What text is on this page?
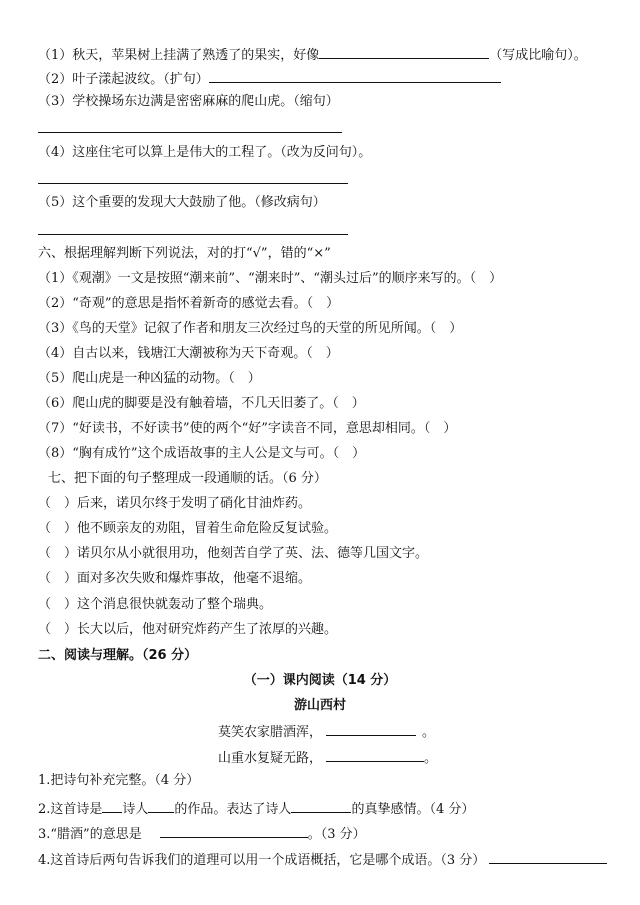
（1）秋天，苹果树上挂满了熟透了的果实，好像	（写成比喻句）。
（2）叶子漾起波纹。（扩句）
（3）学校操场东边满是密密麻麻的爬山虎。（缩句）
（4）这座住宅可以算上是伟大的工程了。（改为反问句）。
（5）这个重要的发现大大鼓励了他。（修改病句）
六、根据理解判断下列说法，对的打“√”，错的“×”
（1）《观潮》一文是按照“潮来前”、“潮来时”、“潮头过后”的顺序来写的。（　）
（2）“奇观”的意思是指怀着新奇的感觉去看。（　）
（3）《鸟的天堂》记叙了作者和朋友三次经过鸟的天堂的所见所闻。（　）
（4）自古以来，钱塘江大潮被称为天下奇观。（　）
（5）爬山虎是一种凶猛的动物。（　）
（6）爬山虎的脚要是没有触着墙，不几天旧萎了。（　）
（7）“好读书，不好读书”使的两个“好”字读音不同，意思却相同。（　）
（8）“胸有成竹”这个成语故事的主人公是文与可。（　）
七、把下面的句子整理成一段通顺的话。（6 分）
（　）后来，诺贝尔终于发明了硝化甘油炸药。
（　）他不顾亲友的劝阻，冒着生命危险反复试验。
（　）诺贝尔从小就很用功，他刻苦自学了英、法、德等几国文字。
（　）面对多次失败和爆炸事故，他毫不退缩。
（　）这个消息很快就轰动了整个瑞典。
（　）长大以后，他对研究炸药产生了浓厚的兴趣。
二、阅读与理解。（26 分）
（一）课内阅读（14 分）
游山西村
莫笑农家腊酒浑，	。
山重水复疑无路，	。
1.把诗句补充完整。（4 分）
2.这首诗是 诗人 的作品。表达了诗人	的真挚感情。（4 分）
3.“腊酒”的意思是	。（3 分）
4.这首诗后两句告诉我们的道理可以用一个成语概括，它是哪个成语。（3 分）
